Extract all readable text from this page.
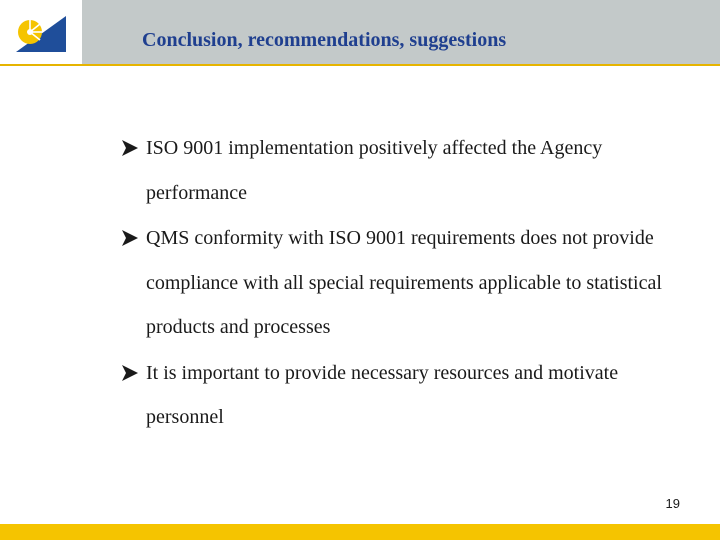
Conclusion, recommendations, suggestions
ISO 9001 implementation positively affected the Agency performance
QMS conformity with ISO 9001 requirements does not provide compliance with all special requirements applicable to statistical products and processes
It is important to provide necessary resources and motivate personnel
19
